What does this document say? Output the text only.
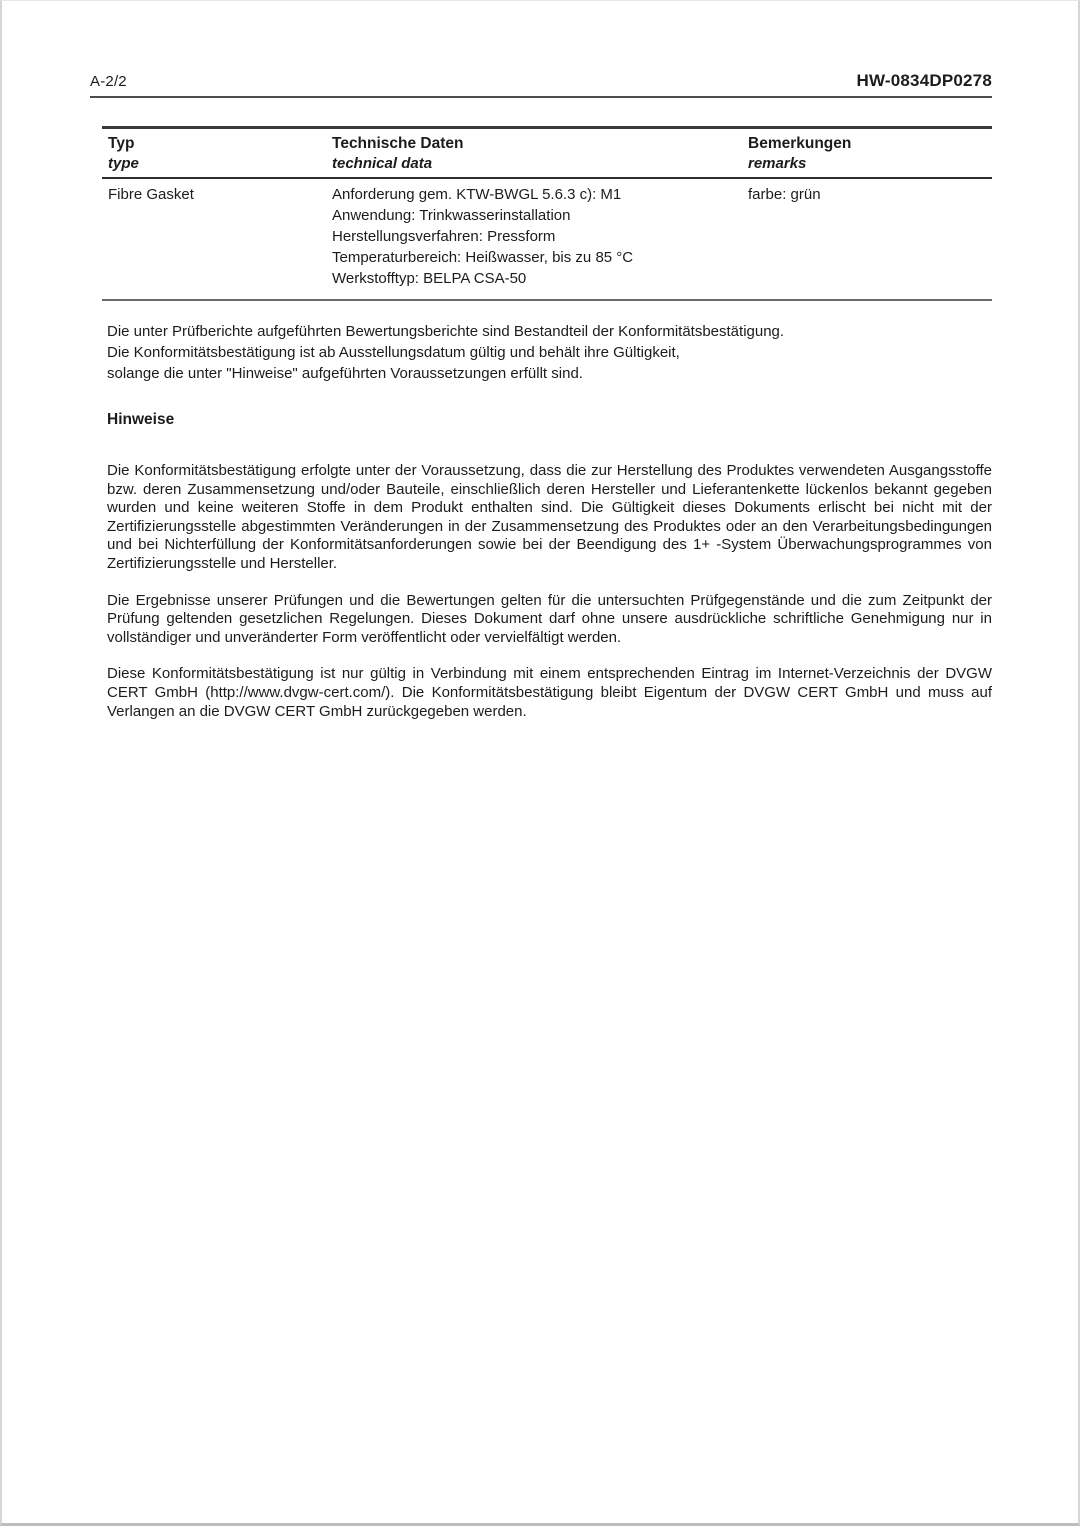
A-2/2	HW-0834DP0278
Typ
type
Technische Daten
technical data
Bemerkungen
remarks
Fibre Gasket	Anforderung gem. KTW-BWGL 5.6.3 c): M1
Anwendung: Trinkwasserinstallation
Herstellungsverfahren: Pressform
Temperaturbereich: Heißwasser, bis zu 85 °C
Werkstofftyp: BELPA CSA-50
farbe: grün
Die unter Prüfberichte aufgeführten Bewertungsberichte sind Bestandteil der Konformitätsbestätigung.
Die Konformitätsbestätigung ist ab Ausstellungsdatum gültig und behält ihre Gültigkeit,
solange die unter "Hinweise" aufgeführten Voraussetzungen erfüllt sind.
Hinweise

Die Konformitätsbestätigung erfolgte unter der Voraussetzung, dass die zur Herstellung des Produktes verwendeten Ausgangsstoffe bzw. deren Zusammensetzung und/oder Bauteile, einschließlich deren Hersteller und Lieferantenkette lückenlos bekannt gegeben wurden und keine weiteren Stoffe in dem Produkt enthalten sind. Die Gültigkeit dieses Dokuments erlischt bei nicht mit der Zertifizierungsstelle abgestimmten Veränderungen in der Zusammensetzung des Produktes oder an den Verarbeitungsbedingungen und bei Nichterfüllung der Konformitätsanforderungen sowie bei der Beendigung des 1+ -System Überwachungsprogrammes von Zertifizierungsstelle und Hersteller.

Die Ergebnisse unserer Prüfungen und die Bewertungen gelten für die untersuchten Prüfgegenstände und die zum Zeitpunkt der Prüfung geltenden gesetzlichen Regelungen. Dieses Dokument darf ohne unsere ausdrückliche schriftliche Genehmigung nur in vollständiger und unveränderter Form veröffentlicht oder vervielfältigt werden.

Diese Konformitätsbestätigung ist nur gültig in Verbindung mit einem entsprechenden Eintrag im Internet-Verzeichnis der DVGW CERT GmbH (http://www.dvgw-cert.com/). Die Konformitätsbestätigung bleibt Eigentum der DVGW CERT GmbH und muss auf Verlangen an die DVGW CERT GmbH zurückgegeben werden.
